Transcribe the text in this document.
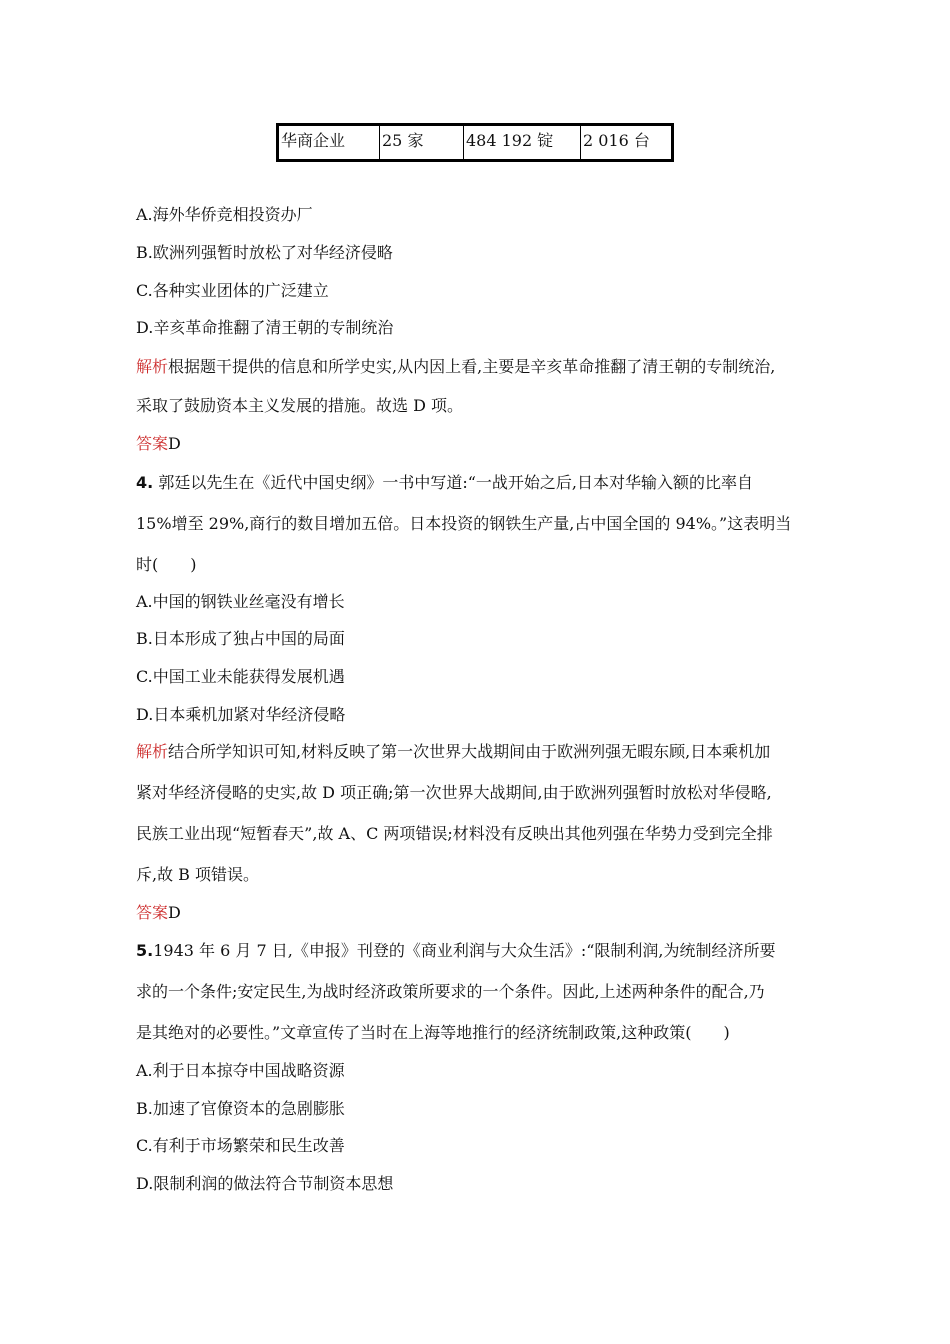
华商企业	25 家	484 192 锭	2 016 台
A.海外华侨竞相投资办厂
B.欧洲列强暂时放松了对华经济侵略
C.各种实业团体的广泛建立
D.辛亥革命推翻了清王朝的专制统治
解析根据题干提供的信息和所学史实,从内因上看,主要是辛亥革命推翻了清王朝的专制统治,
采取了鼓励资本主义发展的措施。故选 D 项。
答案D
4. 郭廷以先生在《近代中国史纲》一书中写道:“一战开始之后,日本对华输入额的比率自
15%增至 29%,商行的数目增加五倍。日本投资的钢铁生产量,占中国全国的 94%。”这表明当
时(　　)
A.中国的钢铁业丝毫没有增长
B.日本形成了独占中国的局面
C.中国工业未能获得发展机遇
D.日本乘机加紧对华经济侵略
解析结合所学知识可知,材料反映了第一次世界大战期间由于欧洲列强无暇东顾,日本乘机加
紧对华经济侵略的史实,故 D 项正确;第一次世界大战期间,由于欧洲列强暂时放松对华侵略,
民族工业出现“短暂春天”,故 A、C 两项错误;材料没有反映出其他列强在华势力受到完全排
斥,故 B 项错误。
答案D
5.1943 年 6 月 7 日,《申报》刊登的《商业利润与大众生活》:“限制利润,为统制经济所要
求的一个条件;安定民生,为战时经济政策所要求的一个条件。因此,上述两种条件的配合,乃
是其绝对的必要性。”文章宣传了当时在上海等地推行的经济统制政策,这种政策(　　)
A.利于日本掠夺中国战略资源
B.加速了官僚资本的急剧膨胀
C.有利于市场繁荣和民生改善
D.限制利润的做法符合节制资本思想
